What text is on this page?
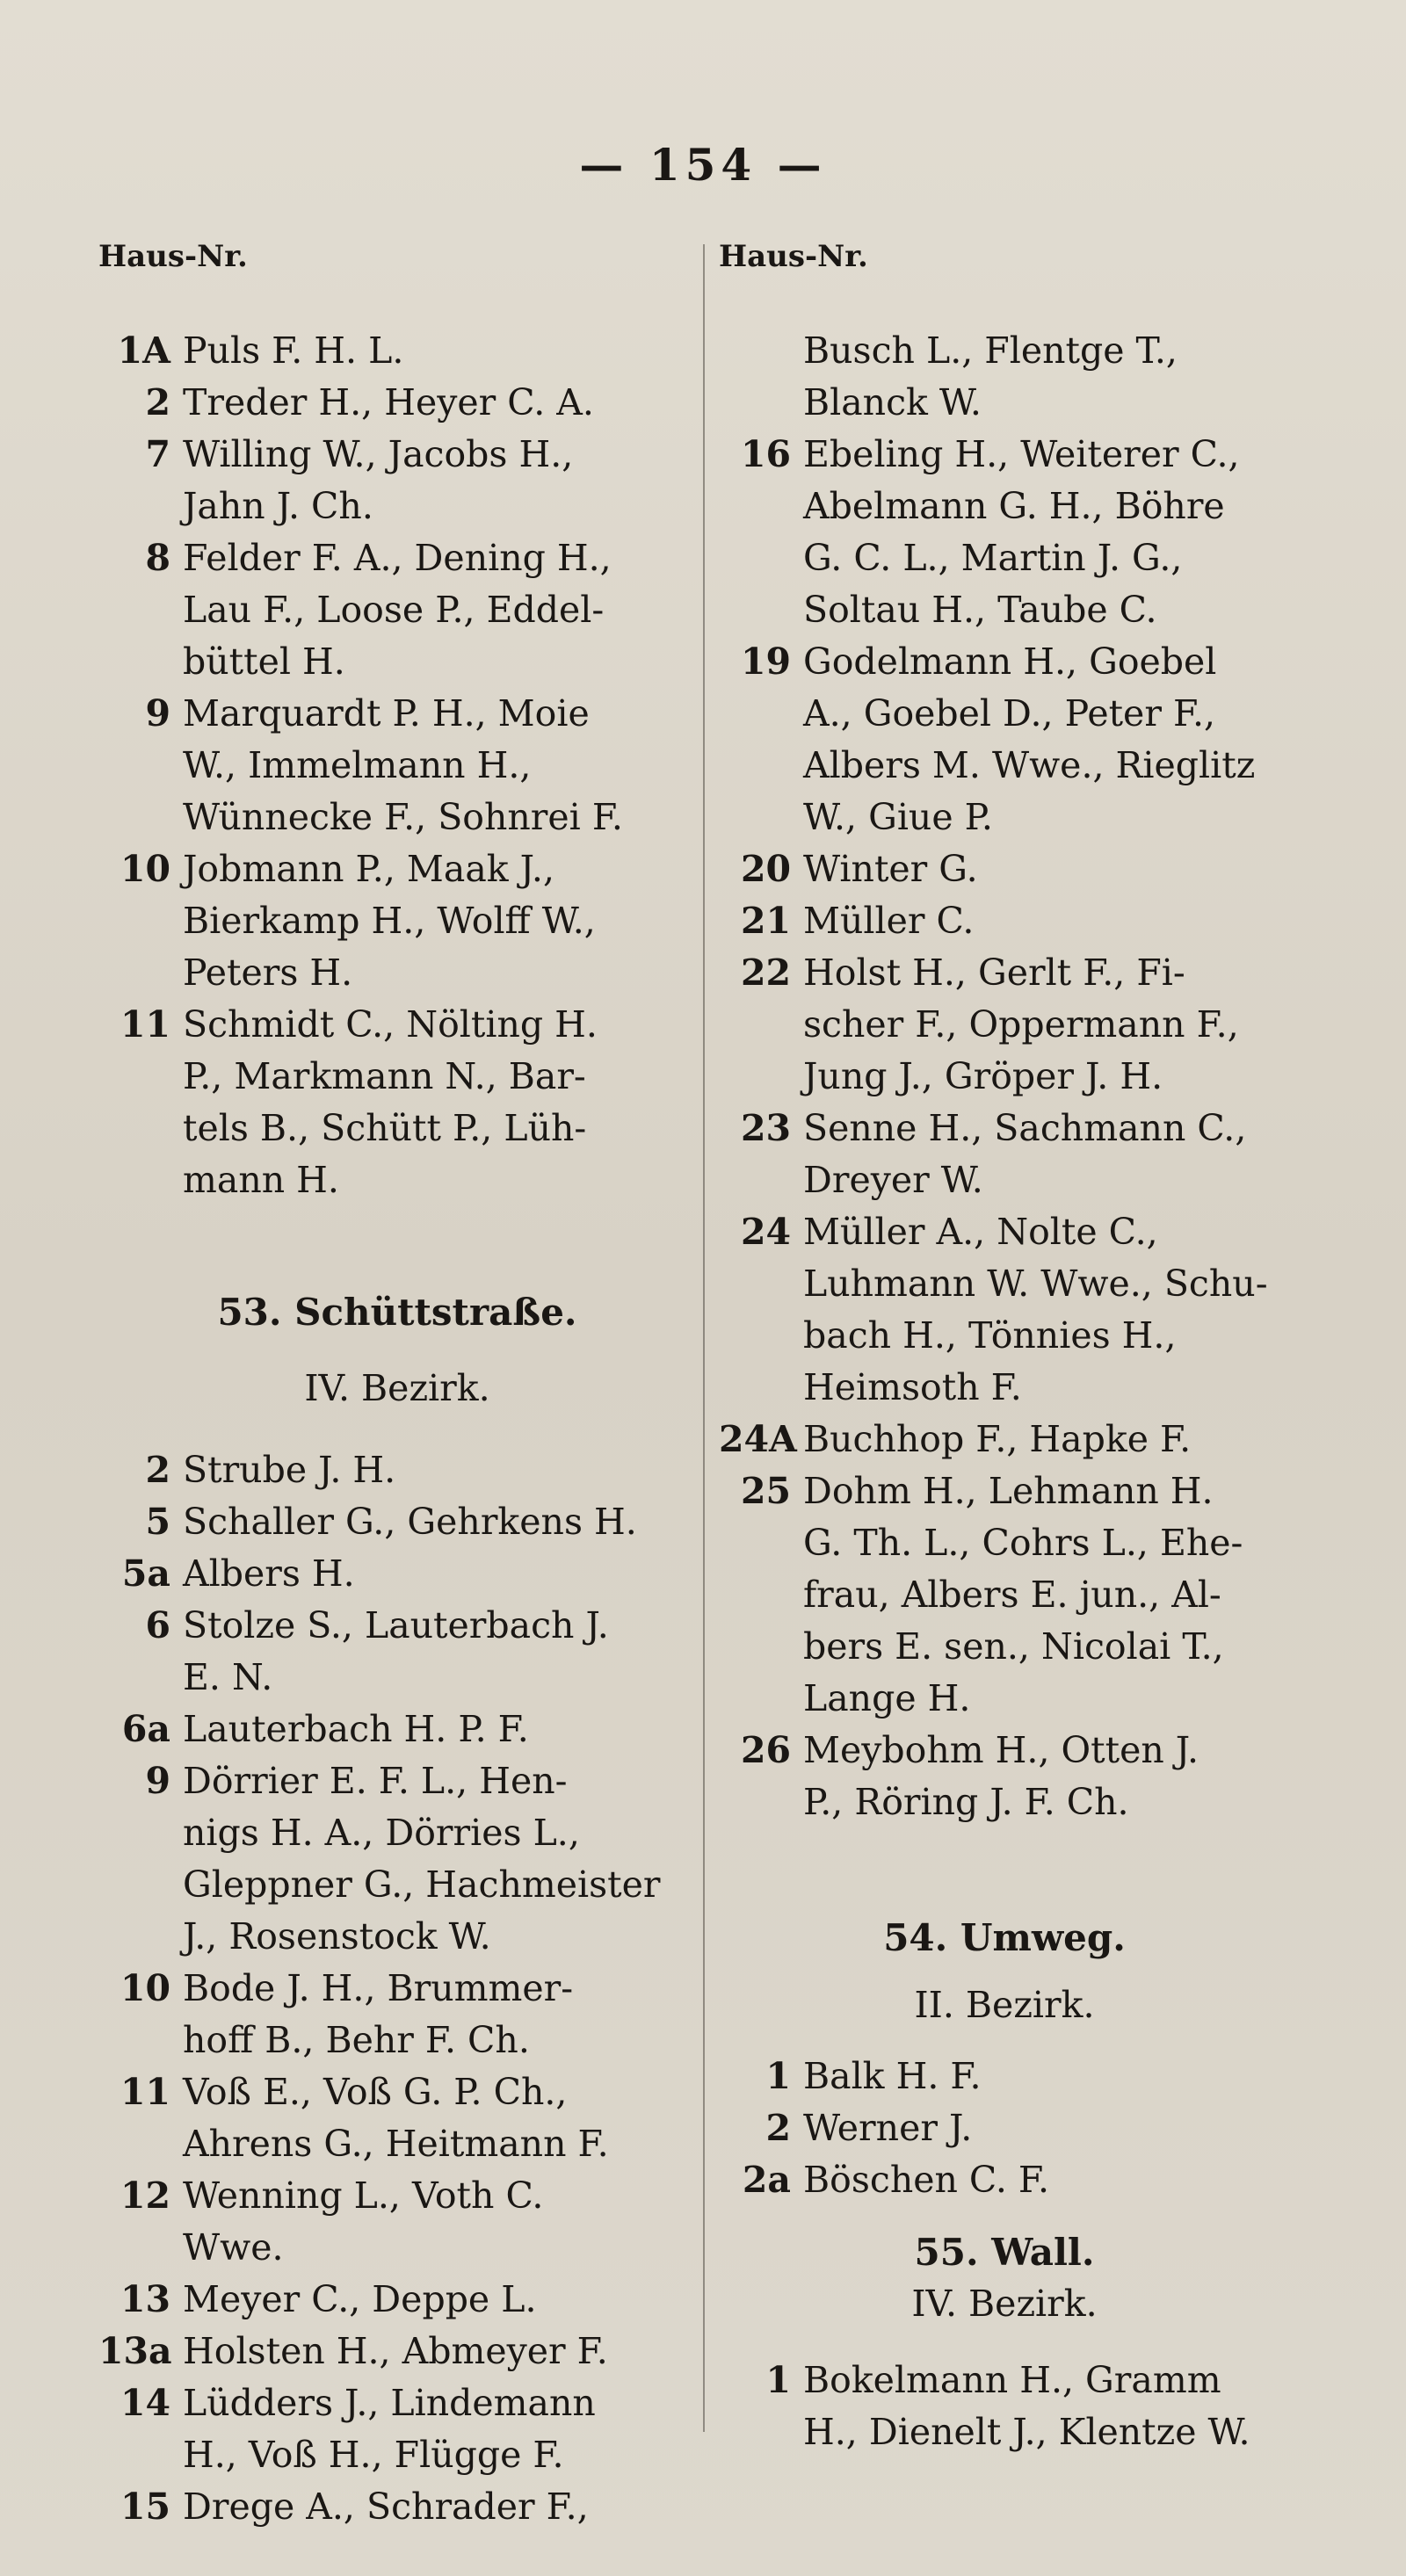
— 154 —
Haus-Nr.
1A Puls F. H. L.
2 Treder H., Heyer C. A.
7 Willing W., Jacobs H.,
Jahn J. Ch.
8 Felder F. A., Dening H.,
Lau F., Loose P., Eddel-
büttel H.
9 Marquardt P. H., Moie
W., Immelmann H.,
Wünnecke F., Sohnrei F.
10 Jobmann P., Maak J.,
Bierkamp H., Wolff W.,
Peters H.
11 Schmidt C., Nölting H.
P., Markmann N., Bar-
tels B., Schütt P., Lüh-
mann H.
53. Schüttstraße.
IV. Bezirk.
2 Strube J. H.
5 Schaller G., Gehrkens H.
5a Albers H.
6 Stolze S., Lauterbach J.
E. N.
6a Lauterbach H. P. F.
9 Dörrier E. F. L., Hen-
nigs H. A., Dörries L.,
Gleppner G., Hachmeister
J., Rosenstock W.
10 Bode J. H., Brummer-
hoff B., Behr F. Ch.
11 Voß E., Voß G. P. Ch.,
Ahrens G., Heitmann F.
12 Wenning L., Voth C.
Wwe.
13 Meyer C., Deppe L.
13a Holsten H., Abmeyer F.
14 Lüdders J., Lindemann
H., Voß H., Flügge F.
15 Drege A., Schrader F.,
Haus-Nr.
Busch L., Flentge T.,
Blanck W.
16 Ebeling H., Weiterer C.,
Abelmann G. H., Böhre
G. C. L., Martin J. G.,
Soltau H., Taube C.
19 Godelmann H., Goebel
A., Goebel D., Peter F.,
Albers M. Wwe., Rieglitz
W., Giue P.
20 Winter G.
21 Müller C.
22 Holst H., Gerlt F., Fi-
scher F., Oppermann F.,
Jung J., Gröper J. H.
23 Senne H., Sachmann C.,
Dreyer W.
24 Müller A., Nolte C.,
Luhmann W. Wwe., Schu-
bach H., Tönnies H.,
Heimsoth F.
24A Buchhop F., Hapke F.
25 Dohm H., Lehmann H.
G. Th. L., Cohrs L., Ehe-
frau, Albers E. jun., Al-
bers E. sen., Nicolai T.,
Lange H.
26 Meybohm H., Otten J.
P., Röring J. F. Ch.
54. Umweg.
II. Bezirk.
1 Balk H. F.
2 Werner J.
2a Böschen C. F.
55. Wall.
IV. Bezirk.
1 Bokelmann H., Gramm
H., Dienelt J., Klentze W.
